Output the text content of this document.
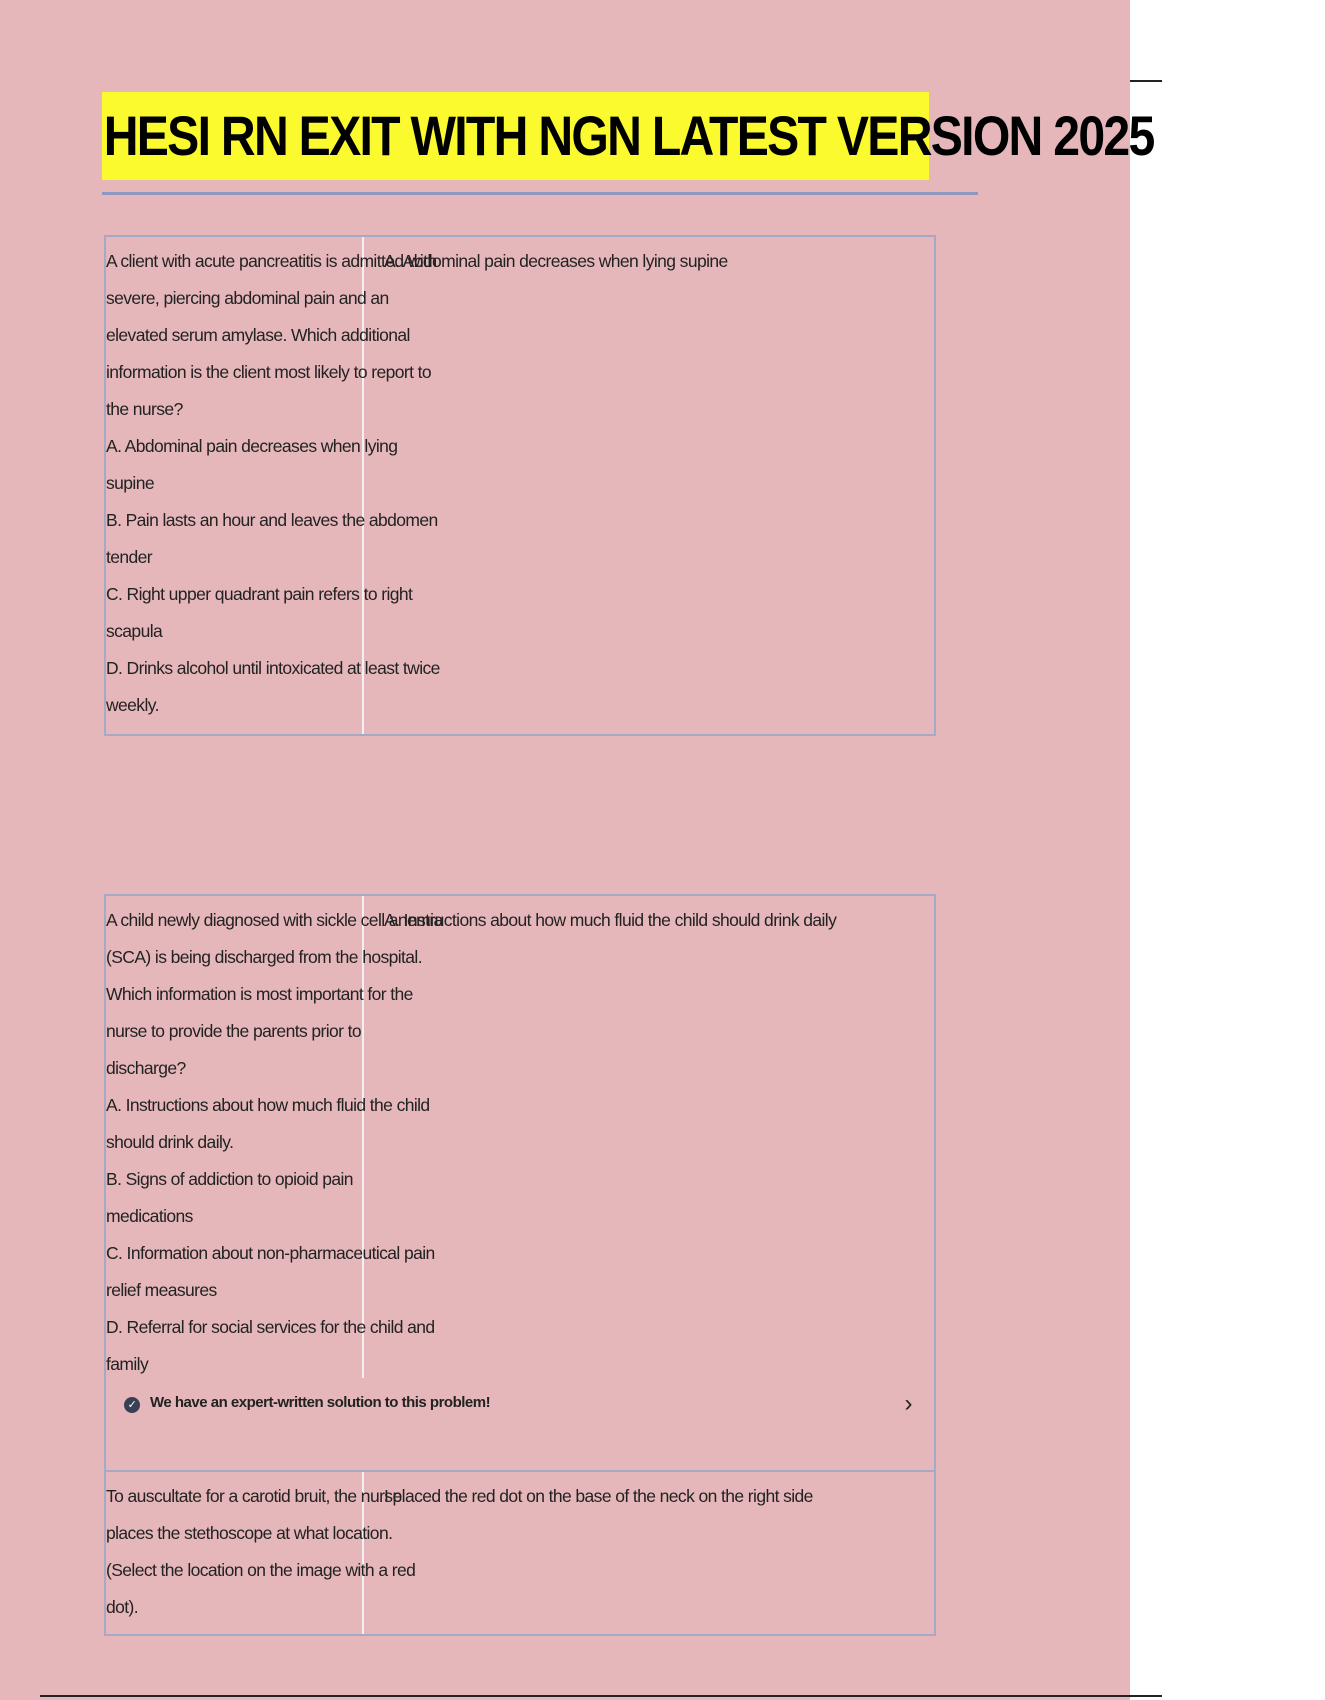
HESI RN EXIT WITH NGN LATEST VERSION 2025
A client with acute pancreatitis is admitted with
severe, piercing abdominal pain and an
elevated serum amylase. Which additional
information is the client most likely to report to
the nurse?
A. Abdominal pain decreases when lying
supine
B. Pain lasts an hour and leaves the abdomen
tender
C. Right upper quadrant pain refers to right
scapula
D. Drinks alcohol until intoxicated at least twice
weekly.
A. Abdominal pain decreases when lying supine
A child newly diagnosed with sickle cell anemia
(SCA) is being discharged from the hospital.
Which information is most important for the
nurse to provide the parents prior to
discharge?
A. Instructions about how much fluid the child
should drink daily.
B. Signs of addiction to opioid pain
medications
C. Information about non-pharmaceutical pain
relief measures
D. Referral for social services for the child and
family
A. Instructions about how much fluid the child should drink daily
✓ We have an expert-written solution to this problem!	›
To auscultate for a carotid bruit, the nurse
places the stethoscope at what location.
(Select the location on the image with a red
dot).
I placed the red dot on the base of the neck on the right side
